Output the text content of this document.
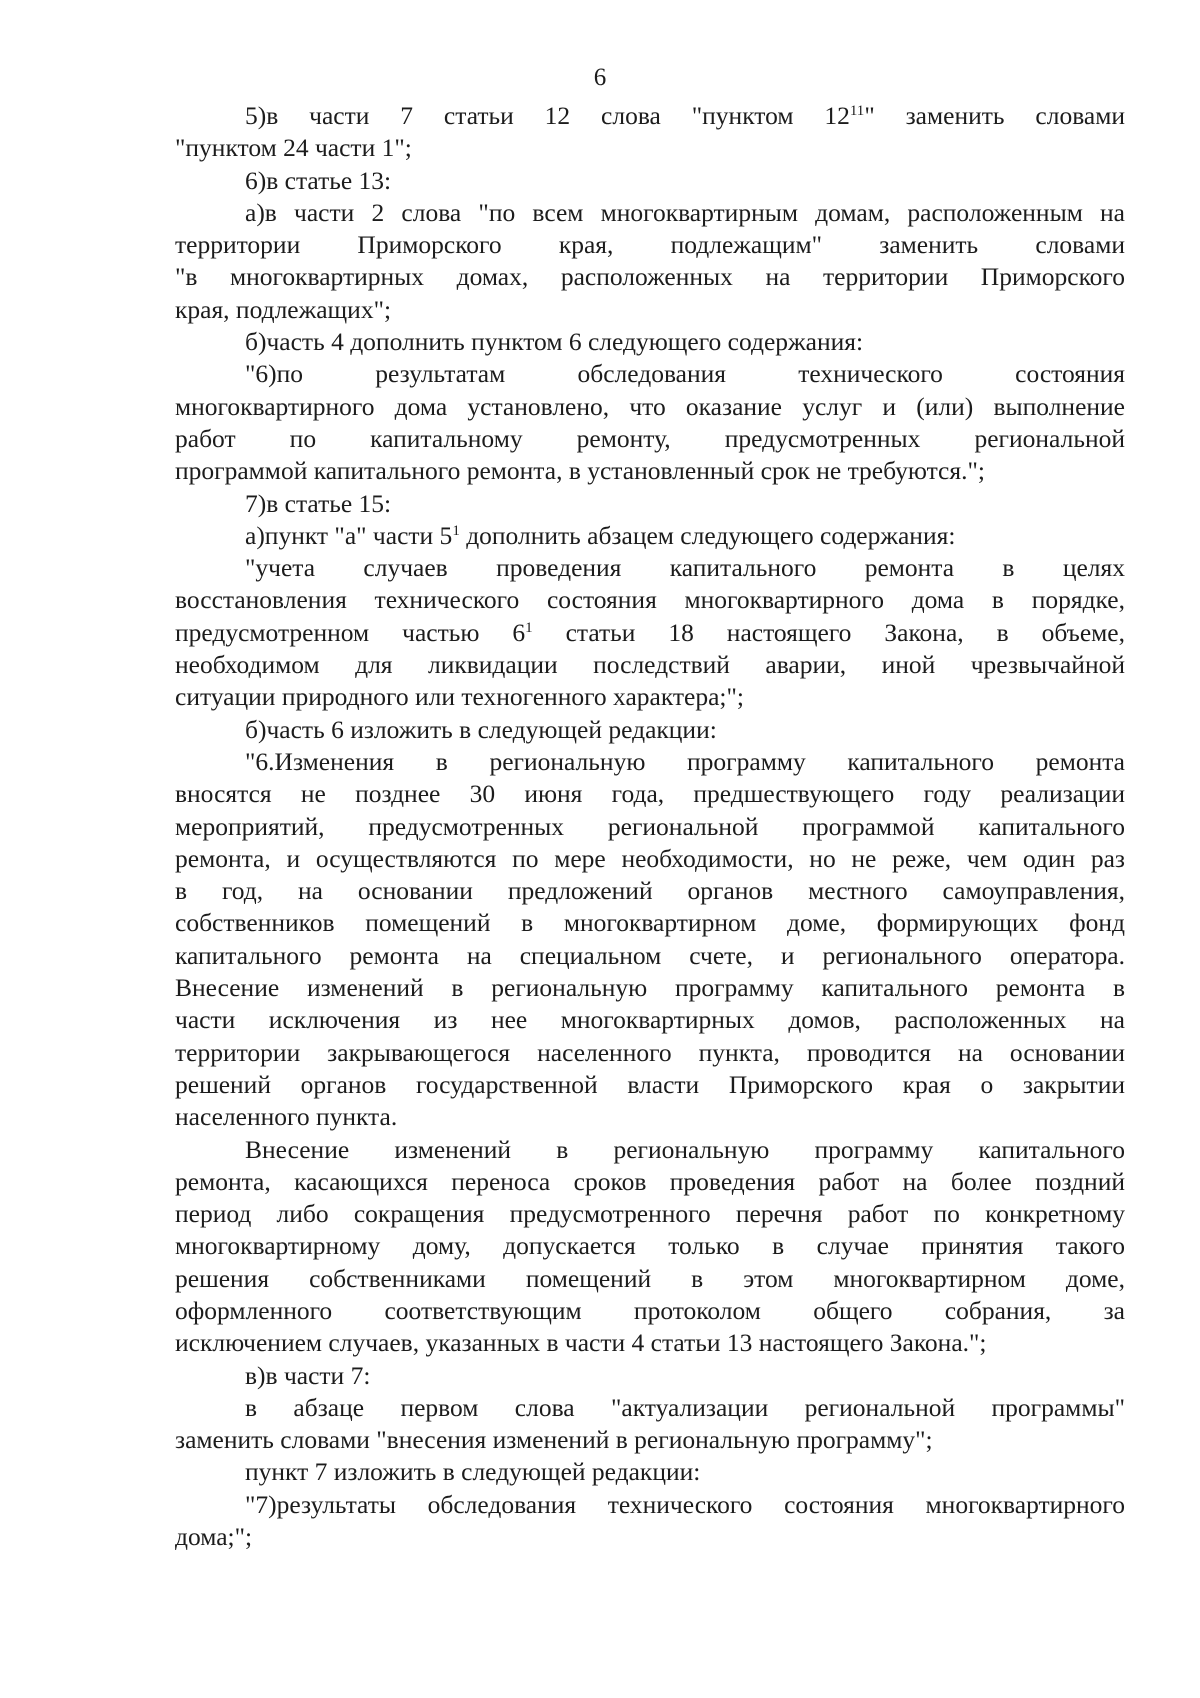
6
5)в части 7 статьи 12 слова "пунктом $12^{11}$" заменить словами
"пунктом 24 части 1";
6)в статье 13:
а)в части 2 слова "по всем многоквартирным домам, расположенным на
территории Приморского края, подлежащим" заменить словами
"в многоквартирных домах, расположенных на территории Приморского
края, подлежащих";
б)часть 4 дополнить пунктом 6 следующего содержания:
"6)по результатам обследования технического состояния
многоквартирного дома установлено, что оказание услуг и (или) выполнение
работ по капитальному ремонту, предусмотренных региональной
программой капитального ремонта, в установленный срок не требуются.";
7)в статье 15:
а)пункт "а" части $5^1$ дополнить абзацем следующего содержания:
"учета случаев проведения капитального ремонта в целях
восстановления технического состояния многоквартирного дома в порядке,
предусмотренном частью $6^1$ статьи 18 настоящего Закона, в объеме,
необходимом для ликвидации последствий аварии, иной чрезвычайной
ситуации природного или техногенного характера;";
б)часть 6 изложить в следующей редакции:
"6.Изменения в региональную программу капитального ремонта
вносятся не позднее 30 июня года, предшествующего году реализации
мероприятий, предусмотренных региональной программой капитального
ремонта, и осуществляются по мере необходимости, но не реже, чем один раз
в год, на основании предложений органов местного самоуправления,
собственников помещений в многоквартирном доме, формирующих фонд
капитального ремонта на специальном счете, и регионального оператора.
Внесение изменений в региональную программу капитального ремонта в
части исключения из нее многоквартирных домов, расположенных на
территории закрывающегося населенного пункта, проводится на основании
решений органов государственной власти Приморского края о закрытии
населенного пункта.
Внесение изменений в региональную программу капитального
ремонта, касающихся переноса сроков проведения работ на более поздний
период либо сокращения предусмотренного перечня работ по конкретному
многоквартирному дому, допускается только в случае принятия такого
решения собственниками помещений в этом многоквартирном доме,
оформленного соответствующим протоколом общего собрания, за
исключением случаев, указанных в части 4 статьи 13 настоящего Закона.";
в)в части 7:
в абзаце первом слова "актуализации региональной программы"
заменить словами "внесения изменений в региональную программу";
пункт 7 изложить в следующей редакции:
"7)результаты обследования технического состояния многоквартирного
дома;";
